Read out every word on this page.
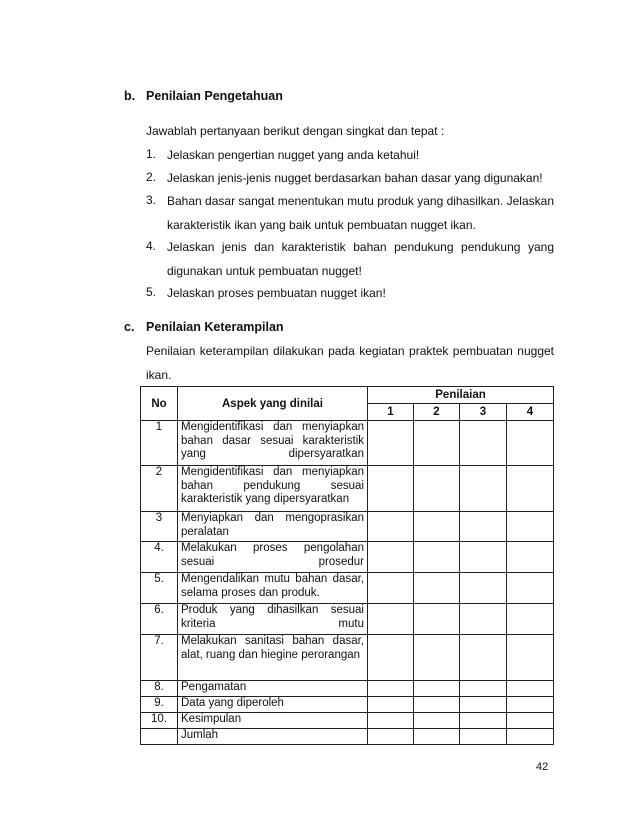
b. Penilaian Pengetahuan
Jawablah pertanyaan berikut dengan singkat dan tepat :
1. Jelaskan pengertian nugget yang anda ketahui!
2. Jelaskan jenis-jenis nugget berdasarkan bahan dasar yang digunakan!
3. Bahan dasar sangat menentukan mutu produk yang dihasilkan. Jelaskan karakteristik ikan yang baik untuk pembuatan nugget ikan.
4. Jelaskan jenis dan karakteristik bahan pendukung pendukung yang digunakan untuk pembuatan nugget!
5. Jelaskan proses pembuatan nugget ikan!
c. Penilaian Keterampilan
Penilaian keterampilan dilakukan pada kegiatan praktek pembuatan nugget ikan.
No	Aspek yang dinilai	Penilaian			
		1	2	3	4
1	Mengidentifikasi dan menyiapkan bahan dasar sesuai karakteristik yang dipersyaratkan				
2	Mengidentifikasi dan menyiapkan bahan pendukung sesuai karakteristik yang dipersyaratkan				
3	Menyiapkan dan mengoprasikan peralatan				
4.	Melakukan proses pengolahan sesuai prosedur				
5.	Mengendalikan mutu bahan dasar, selama proses dan produk.				
6.	Produk yang dihasilkan sesuai kriteria mutu				
7.	Melakukan sanitasi bahan dasar, alat, ruang dan hiegine perorangan				
8.	Pengamatan				
9.	Data yang diperoleh				
10.	Kesimpulan				
	Jumlah				
42
